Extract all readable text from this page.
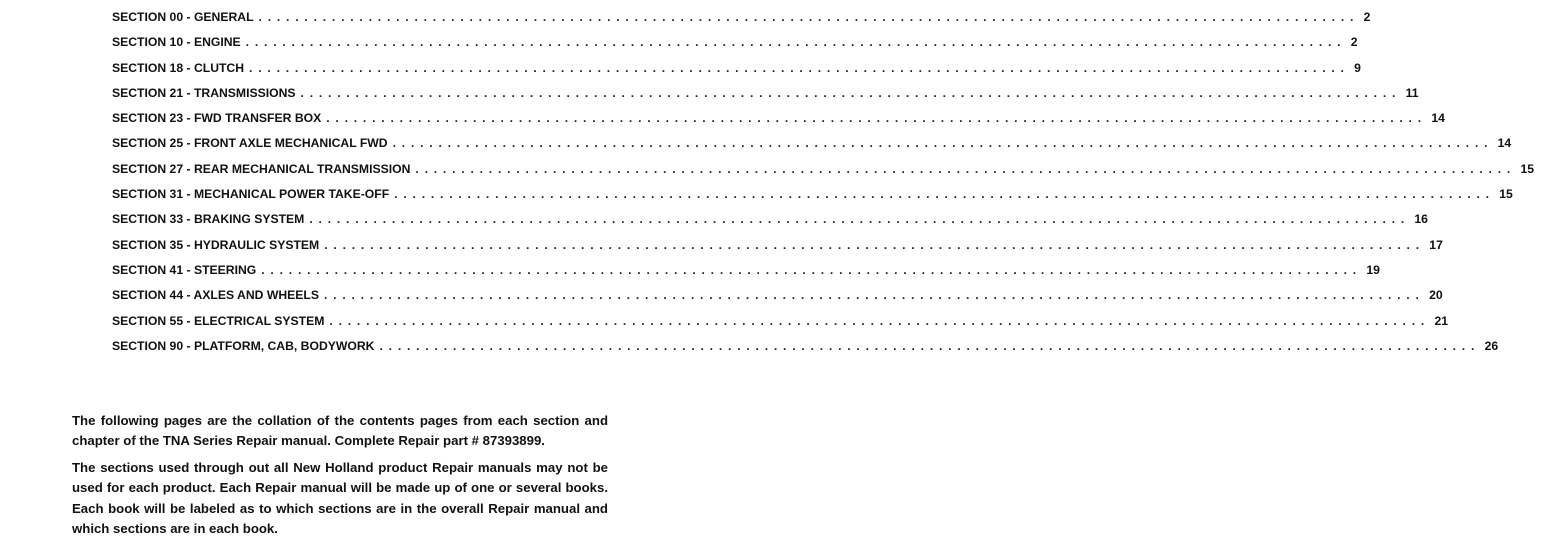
SECTION 00 - GENERAL . . . . . . . . . . . . . . . . . . . . . . . . . . . . . . . . . . . . . . . . . . . . . . . . . . . . . . . . . . . . . . . . . . . . . . . . . . . . . . . . . . . . . . . . . . . . . . . . . . . . . . . . . . . . . . . . . . . . . . . . 2
SECTION 10 - ENGINE . . . . . . . . . . . . . . . . . . . . . . . . . . . . . . . . . . . . . . . . . . . . . . . . . . . . . . . . . . . . . . . . . . . . . . . . . . . . . . . . . . . . . . . . . . . . . . . . . . . . . . . . . . . . . . . . . . . . . . . . 2
SECTION 18 - CLUTCH . . . . . . . . . . . . . . . . . . . . . . . . . . . . . . . . . . . . . . . . . . . . . . . . . . . . . . . . . . . . . . . . . . . . . . . . . . . . . . . . . . . . . . . . . . . . . . . . . . . . . . . . . . . . . . . . . . . . . . . . 9
SECTION 21 - TRANSMISSIONS . . . . . . . . . . . . . . . . . . . . . . . . . . . . . . . . . . . . . . . . . . . . . . . . . . . . . . . . . . . . . . . . . . . . . . . . . . . . . . . . . . . . . . . . . . . . . . . . . . . . . . . . . . . . . . . . . . . . . . . . 11
SECTION 23 - FWD TRANSFER BOX . . . . . . . . . . . . . . . . . . . . . . . . . . . . . . . . . . . . . . . . . . . . . . . . . . . . . . . . . . . . . . . . . . . . . . . . . . . . . . . . . . . . . . . . . . . . . . . . . . . . . . . . . . . . . . . . . . . . . . . . 14
SECTION 25 - FRONT AXLE MECHANICAL FWD . . . . . . . . . . . . . . . . . . . . . . . . . . . . . . . . . . . . . . . . . . . . . . . . . . . . . . . . . . . . . . . . . . . . . . . . . . . . . . . . . . . . . . . . . . . . . . . . . . . . . . . . . . . . . . . . . . . . . . . . 14
SECTION 27 - REAR MECHANICAL TRANSMISSION . . . . . . . . . . . . . . . . . . . . . . . . . . . . . . . . . . . . . . . . . . . . . . . . . . . . . . . . . . . . . . . . . . . . . . . . . . . . . . . . . . . . . . . . . . . . . . . . . . . . . . . . . . . . . . . . . . . . . . . . 15
SECTION 31 - MECHANICAL POWER TAKE-OFF . . . . . . . . . . . . . . . . . . . . . . . . . . . . . . . . . . . . . . . . . . . . . . . . . . . . . . . . . . . . . . . . . . . . . . . . . . . . . . . . . . . . . . . . . . . . . . . . . . . . . . . . . . . . . . . . . . . . . . . . 15
SECTION 33 - BRAKING SYSTEM . . . . . . . . . . . . . . . . . . . . . . . . . . . . . . . . . . . . . . . . . . . . . . . . . . . . . . . . . . . . . . . . . . . . . . . . . . . . . . . . . . . . . . . . . . . . . . . . . . . . . . . . . . . . . . . . . . . . . . . . 16
SECTION 35 - HYDRAULIC SYSTEM . . . . . . . . . . . . . . . . . . . . . . . . . . . . . . . . . . . . . . . . . . . . . . . . . . . . . . . . . . . . . . . . . . . . . . . . . . . . . . . . . . . . . . . . . . . . . . . . . . . . . . . . . . . . . . . . . . . . . . . . 17
SECTION 41 - STEERING . . . . . . . . . . . . . . . . . . . . . . . . . . . . . . . . . . . . . . . . . . . . . . . . . . . . . . . . . . . . . . . . . . . . . . . . . . . . . . . . . . . . . . . . . . . . . . . . . . . . . . . . . . . . . . . . . . . . . . . . 19
SECTION 44 - AXLES AND WHEELS . . . . . . . . . . . . . . . . . . . . . . . . . . . . . . . . . . . . . . . . . . . . . . . . . . . . . . . . . . . . . . . . . . . . . . . . . . . . . . . . . . . . . . . . . . . . . . . . . . . . . . . . . . . . . . . . . . . . . . . . 20
SECTION 55 - ELECTRICAL SYSTEM . . . . . . . . . . . . . . . . . . . . . . . . . . . . . . . . . . . . . . . . . . . . . . . . . . . . . . . . . . . . . . . . . . . . . . . . . . . . . . . . . . . . . . . . . . . . . . . . . . . . . . . . . . . . . . . . . . . . . . . . 21
SECTION 90 - PLATFORM, CAB, BODYWORK . . . . . . . . . . . . . . . . . . . . . . . . . . . . . . . . . . . . . . . . . . . . . . . . . . . . . . . . . . . . . . . . . . . . . . . . . . . . . . . . . . . . . . . . . . . . . . . . . . . . . . . . . . . . . . . . . . . . . . . . 26

The following pages are the collation of the contents pages from each section and chapter of the TNA Series Repair manual. Complete Repair part # 87393899.

The sections used through out all New Holland product Repair manuals may not be used for each product. Each Repair manual will be made up of one or several books. Each book will be labeled as to which sections are in the overall Repair manual and which sections are in each book.
